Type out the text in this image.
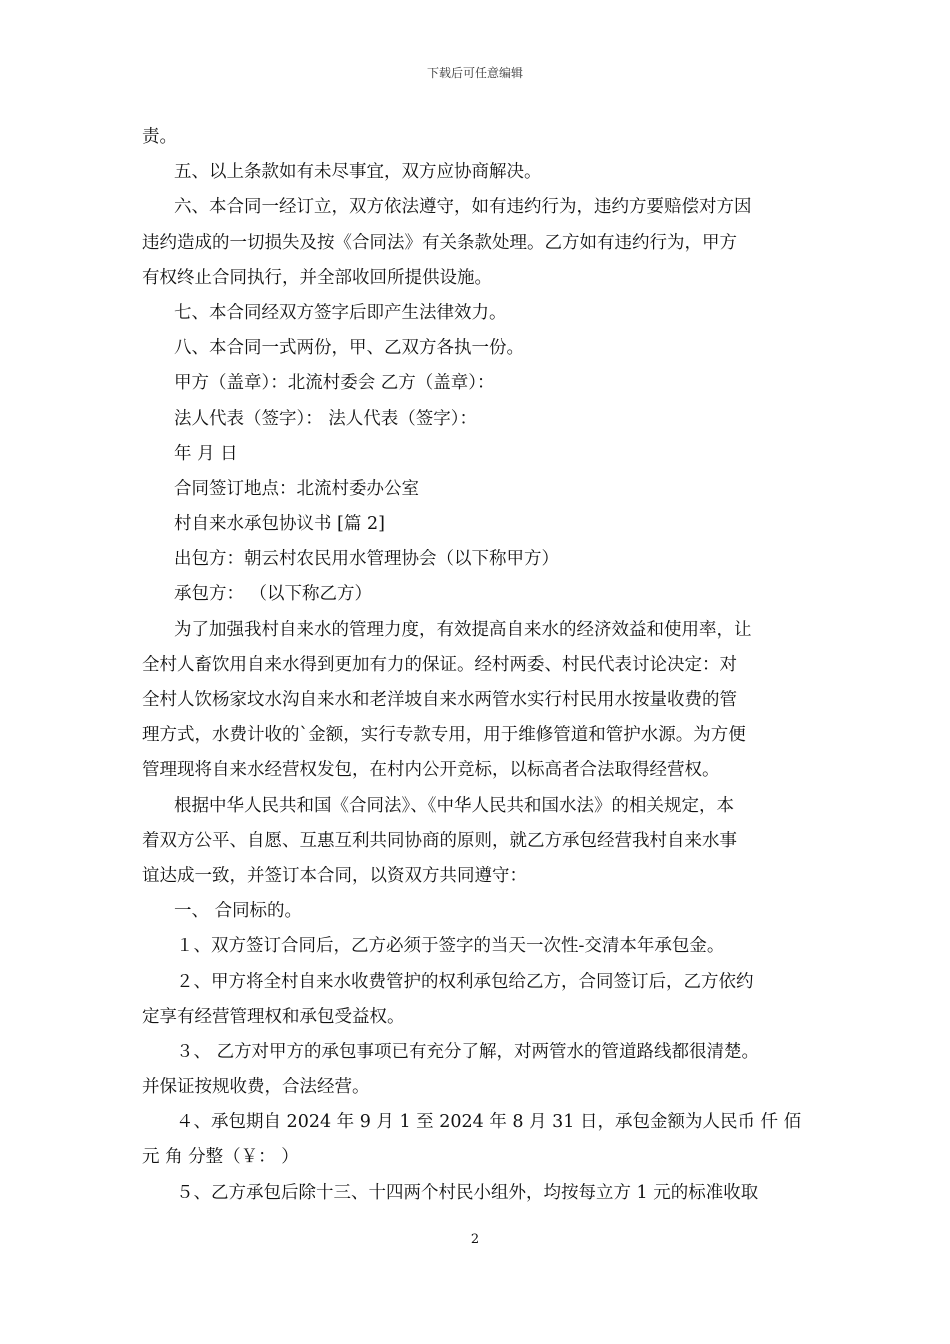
下载后可任意编辑
责。
五、以上条款如有未尽事宜，双方应协商解决。
六、本合同一经订立，双方依法遵守，如有违约行为，违约方要赔偿对方因
违约造成的一切损失及按《合同法》有关条款处理。乙方如有违约行为，甲方
有权终止合同执行，并全部收回所提供设施。
七、本合同经双方签字后即产生法律效力。
八、本合同一式两份，甲、乙双方各执一份。
甲方（盖章）：北流村委会 乙方（盖章）：
法人代表（签字）： 法人代表（签字）：
年 月 日
合同签订地点：北流村委办公室
村自来水承包协议书 [篇 2]
出包方：朝云村农民用水管理协会（以下称甲方）
承包方： （以下称乙方）
为了加强我村自来水的管理力度，有效提高自来水的经济效益和使用率，让
全村人畜饮用自来水得到更加有力的保证。经村两委、村民代表讨论决定：对
全村人饮杨家坟水沟自来水和老洋坡自来水两管水实行村民用水按量收费的管
理方式，水费计收的`金额，实行专款专用，用于维修管道和管护水源。为方便
管理现将自来水经营权发包，在村内公开竞标，以标高者合法取得经营权。
根据中华人民共和国《合同法》、《中华人民共和国水法》的相关规定，本
着双方公平、自愿、互惠互利共同协商的原则，就乙方承包经营我村自来水事
谊达成一致，并签订本合同，以资双方共同遵守：
一、 合同标的。
１、双方签订合同后，乙方必须于签字的当天一次性-交清本年承包金。
２、甲方将全村自来水收费管护的权利承包给乙方，合同签订后，乙方依约
定享有经营管理权和承包受益权。
３、 乙方对甲方的承包事项已有充分了解，对两管水的管道路线都很清楚。
并保证按规收费，合法经营。
４、承包期自 2024 年 9 月 1 至 2024 年 8 月 31 日，承包金额为人民币 仟 佰
元 角 分整（￥： ）
５、乙方承包后除十三、十四两个村民小组外，均按每立方 1 元的标准收取
2
